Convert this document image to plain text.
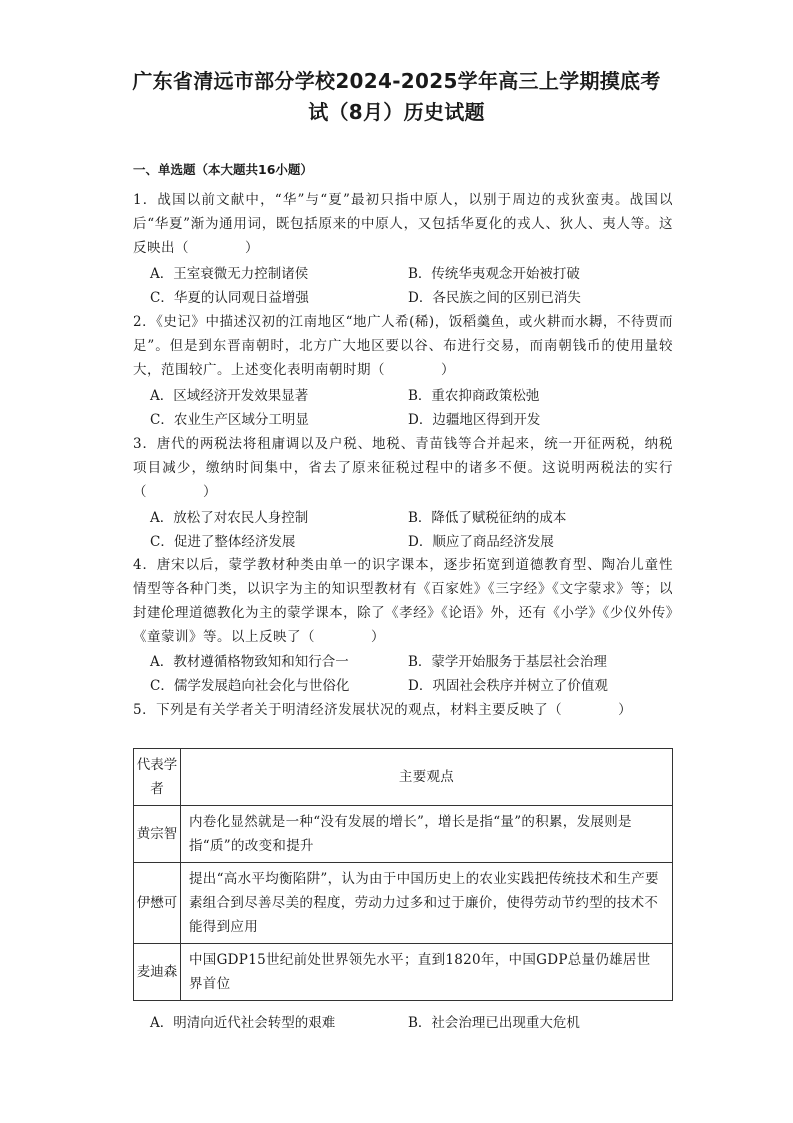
广东省清远市部分学校2024-2025学年高三上学期摸底考
试（8月）历史试题
一、单选题（本大题共16小题）
1．战国以前文献中，“华”与“夏”最初只指中原人，以别于周边的戎狄蛮夷。战国以后“华夏”渐为通用词，既包括原来的中原人，又包括华夏化的戎人、狄人、夷人等。这反映出（　　　　）
A．王室衰微无力控制诸侯	B．传统华夷观念开始被打破
C．华夏的认同观日益增强	D．各民族之间的区别已消失
2．《史记》中描述汉初的江南地区“地广人希(稀)，饭稻羹鱼，或火耕而水耨，不待贾而足”。但是到东晋南朝时，北方广大地区要以谷、布进行交易，而南朝钱币的使用量较大，范围较广。上述变化表明南朝时期（　　　　）
A．区域经济开发效果显著	B．重农抑商政策松弛
C．农业生产区域分工明显	D．边疆地区得到开发
3．唐代的两税法将租庸调以及户税、地税、青苗钱等合并起来，统一开征两税，纳税项目减少，缴纳时间集中，省去了原来征税过程中的诸多不便。这说明两税法的实行（　　　　）
A．放松了对农民人身控制	B．降低了赋税征纳的成本
C．促进了整体经济发展	D．顺应了商品经济发展
4．唐宋以后，蒙学教材种类由单一的识字课本，逐步拓宽到道德教育型、陶冶儿童性情型等各种门类，以识字为主的知识型教材有《百家姓》《三字经》《文字蒙求》等；以封建伦理道德教化为主的蒙学课本，除了《孝经》《论语》外，还有《小学》《少仪外传》《童蒙训》等。以上反映了（　　　　）
A．教材遵循格物致知和知行合一	B．蒙学开始服务于基层社会治理
C．儒学发展趋向社会化与世俗化	D．巩固社会秩序并树立了价值观
5．下列是有关学者关于明清经济发展状况的观点，材料主要反映了（　　　　）
代表学者	主要观点
黄宗智	内卷化显然就是一种“没有发展的增长”，增长是指“量”的积累，发展则是指“质”的改变和提升
伊懋可	提出“高水平均衡陷阱”，认为由于中国历史上的农业实践把传统技术和生产要素组合到尽善尽美的程度，劳动力过多和过于廉价，使得劳动节约型的技术不能得到应用
麦迪森	中国GDP15世纪前处世界领先水平；直到1820年，中国GDP总量仍雄居世界首位
A．明清向近代社会转型的艰难	B．社会治理已出现重大危机
